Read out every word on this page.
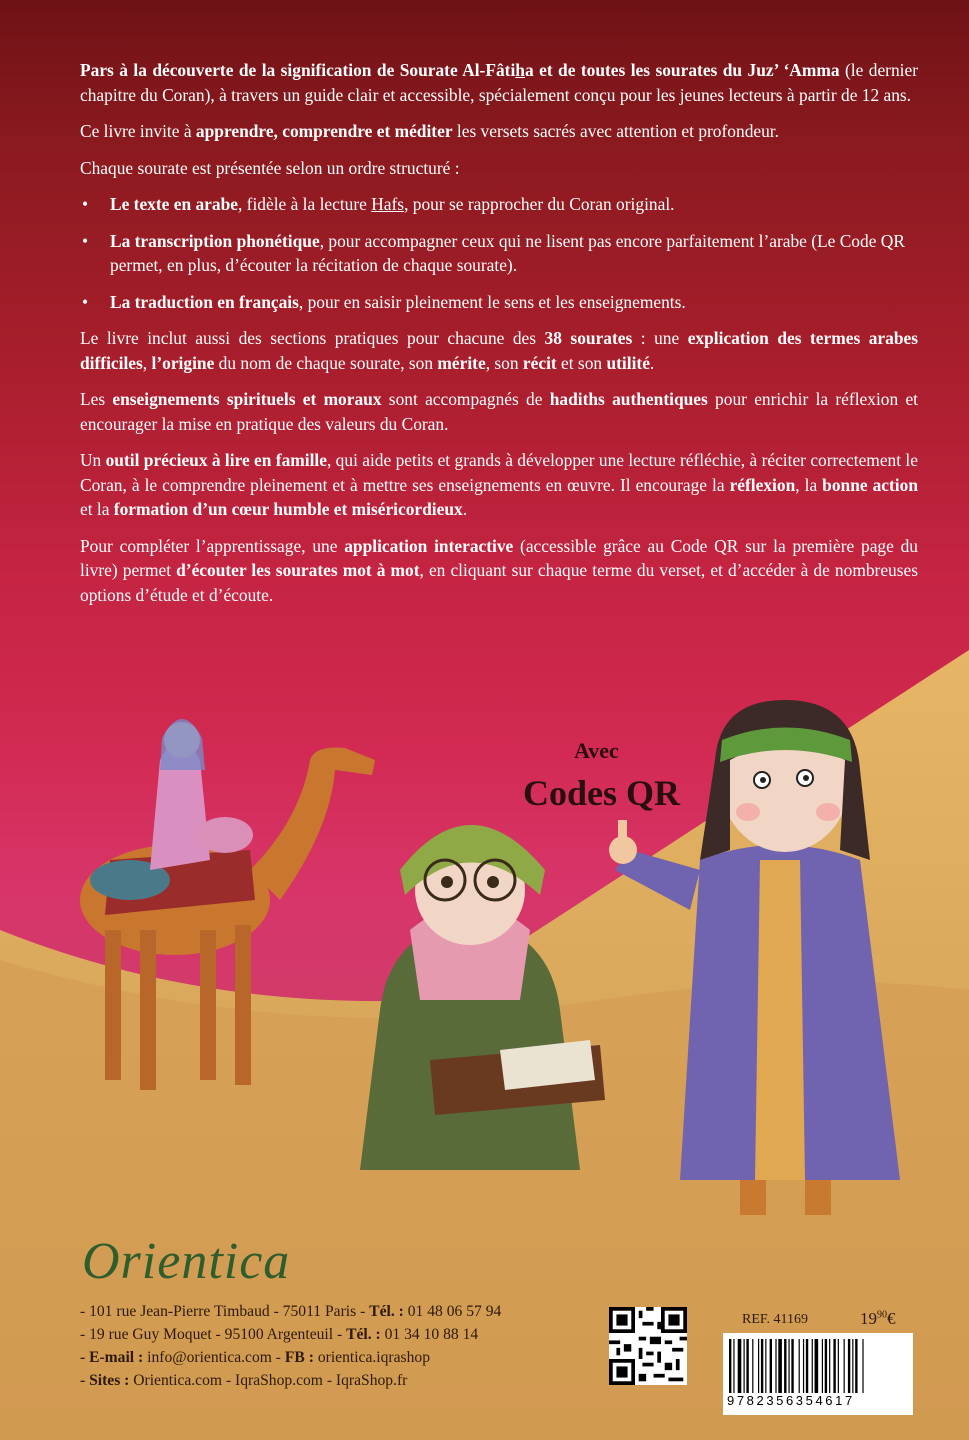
Pars à la découverte de la signification de Sourate Al-Fâtiha et de toutes les sourates du Juz’ ‘Amma (le dernier chapitre du Coran), à travers un guide clair et accessible, spécialement conçu pour les jeunes lecteurs à partir de 12 ans.

Ce livre invite à apprendre, comprendre et méditer les versets sacrés avec attention et profondeur.

Chaque sourate est présentée selon un ordre structuré :

• Le texte en arabe, fidèle à la lecture Hafs, pour se rapprocher du Coran original.
• La transcription phonétique, pour accompagner ceux qui ne lisent pas encore parfaitement l’arabe (Le Code QR permet, en plus, d’écouter la récitation de chaque sourate).
• La traduction en français, pour en saisir pleinement le sens et les enseignements.

Le livre inclut aussi des sections pratiques pour chacune des 38 sourates : une explication des termes arabes difficiles, l’origine du nom de chaque sourate, son mérite, son récit et son utilité.

Les enseignements spirituels et moraux sont accompagnés de hadiths authentiques pour enrichir la réflexion et encourager la mise en pratique des valeurs du Coran.

Un outil précieux à lire en famille, qui aide petits et grands à développer une lecture réfléchie, à réciter correctement le Coran, à le comprendre pleinement et à mettre ses enseignements en œuvre. Il encourage la réflexion, la bonne action et la formation d’un cœur humble et miséricordieux.

Pour compléter l’apprentissage, une application interactive (accessible grâce au Code QR sur la première page du livre) permet d’écouter les sourates mot à mot, en cliquant sur chaque terme du verset, et d’accéder à de nombreuses options d’étude et d’écoute.

Avec
Codes QR
Orientica
- 101 rue Jean-Pierre Timbaud - 75011 Paris - Tél. : 01 48 06 57 94
- 19 rue Guy Moquet - 95100 Argenteuil - Tél. : 01 34 10 88 14
- E-mail : info@orientica.com - FB : orientica.iqrashop
- Sites : Orientica.com - IqraShop.com - IqraShop.fr
REF. 41169	$19^{90}€$
9782356354617
